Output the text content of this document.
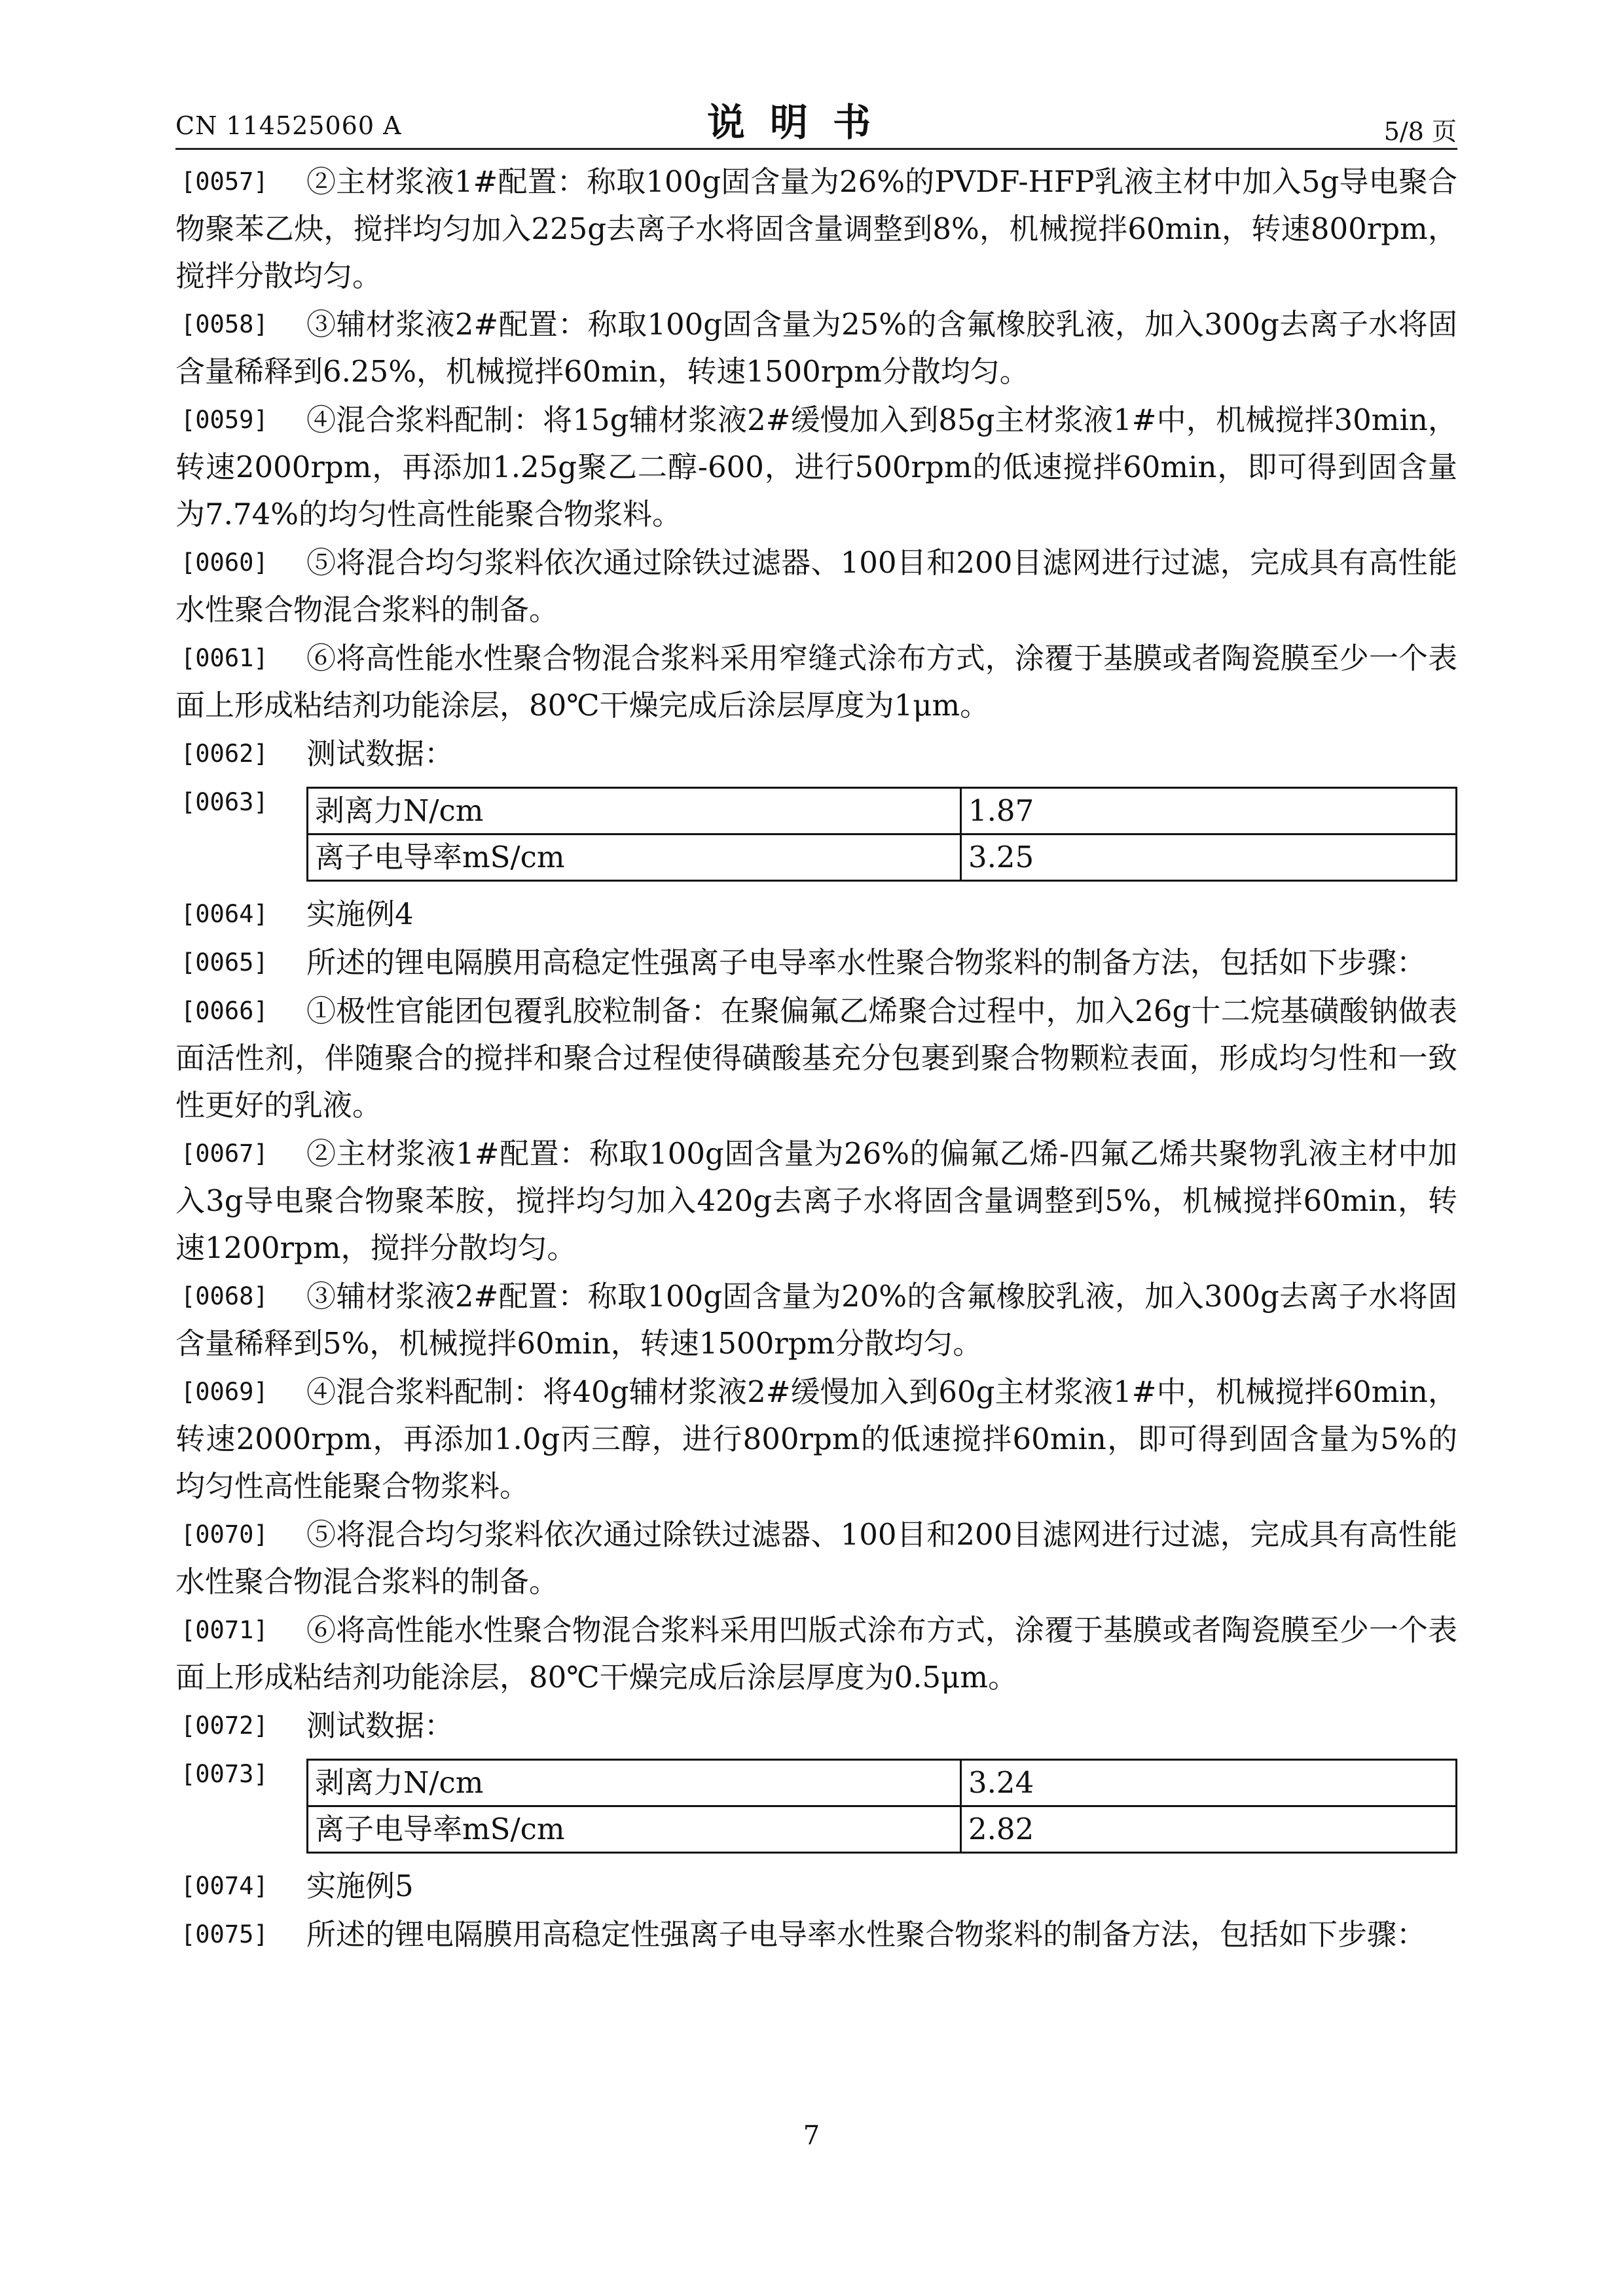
CN 114525060 A	说明书	5/8 页
[0057]	②主材浆液1#配置：称取100g固含量为26%的PVDF-HFP乳液主材中加入5g导电聚合物聚苯乙炔，搅拌均匀加入225g去离子水将固含量调整到8%，机械搅拌60min，转速800rpm，搅拌分散均匀。
[0058]	③辅材浆液2#配置：称取100g固含量为25%的含氟橡胶乳液，加入300g去离子水将固含量稀释到6.25%，机械搅拌60min，转速1500rpm分散均匀。
[0059]	④混合浆料配制：将15g辅材浆液2#缓慢加入到85g主材浆液1#中，机械搅拌30min，转速2000rpm，再添加1.25g聚乙二醇-600，进行500rpm的低速搅拌60min，即可得到固含量为7.74%的均匀性高性能聚合物浆料。
[0060]	⑤将混合均匀浆料依次通过除铁过滤器、100目和200目滤网进行过滤，完成具有高性能水性聚合物混合浆料的制备。
[0061]	⑥将高性能水性聚合物混合浆料采用窄缝式涂布方式，涂覆于基膜或者陶瓷膜至少一个表面上形成粘结剂功能涂层，80℃干燥完成后涂层厚度为1μm。
[0062]	测试数据：
[0063] 剥离力N/cm	1.87
离子电导率mS/cm	3.25
[0064]	实施例4
[0065]	所述的锂电隔膜用高稳定性强离子电导率水性聚合物浆料的制备方法，包括如下步骤：
[0066]	①极性官能团包覆乳胶粒制备：在聚偏氟乙烯聚合过程中，加入26g十二烷基磺酸钠做表面活性剂，伴随聚合的搅拌和聚合过程使得磺酸基充分包裹到聚合物颗粒表面，形成均匀性和一致性更好的乳液。
[0067]	②主材浆液1#配置：称取100g固含量为26%的偏氟乙烯-四氟乙烯共聚物乳液主材中加入3g导电聚合物聚苯胺，搅拌均匀加入420g去离子水将固含量调整到5%，机械搅拌60min，转速1200rpm，搅拌分散均匀。
[0068]	③辅材浆液2#配置：称取100g固含量为20%的含氟橡胶乳液，加入300g去离子水将固含量稀释到5%，机械搅拌60min，转速1500rpm分散均匀。
[0069]	④混合浆料配制：将40g辅材浆液2#缓慢加入到60g主材浆液1#中，机械搅拌60min，转速2000rpm，再添加1.0g丙三醇，进行800rpm的低速搅拌60min，即可得到固含量为5%的均匀性高性能聚合物浆料。
[0070]	⑤将混合均匀浆料依次通过除铁过滤器、100目和200目滤网进行过滤，完成具有高性能水性聚合物混合浆料的制备。
[0071]	⑥将高性能水性聚合物混合浆料采用凹版式涂布方式，涂覆于基膜或者陶瓷膜至少一个表面上形成粘结剂功能涂层，80℃干燥完成后涂层厚度为0.5μm。
[0072]	测试数据：
[0073] 剥离力N/cm	3.24
离子电导率mS/cm	2.82
[0074]	实施例5
[0075]	所述的锂电隔膜用高稳定性强离子电导率水性聚合物浆料的制备方法，包括如下步骤：
7
